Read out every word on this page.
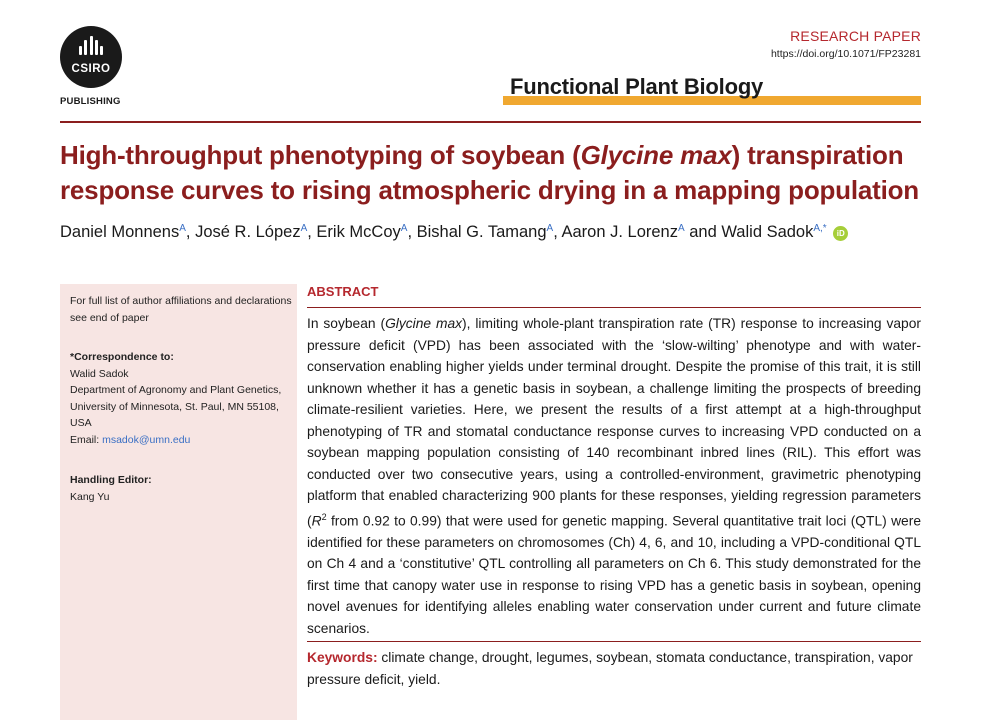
CSIRO
PUBLISHING
RESEARCH PAPER
https://doi.org/10.1071/FP23281
Functional Plant Biology
High-throughput phenotyping of soybean (Glycine max) transpiration response curves to rising atmospheric drying in a mapping population
Daniel Monnens$^A$, José R. López$^A$, Erik McCoy$^A$, Bishal G. Tamang$^A$, Aaron J. Lorenz$^A$ and Walid Sadok$^{A,*}$ iD
For full list of author affiliations and declarations see end of paper
*Correspondence to:
Walid Sadok
Department of Agronomy and Plant Genetics, University of Minnesota, St. Paul, MN 55108, USA
Email: msadok@umn.edu
Handling Editor:
Kang Yu
ABSTRACT

In soybean (Glycine max), limiting whole-plant transpiration rate (TR) response to increasing vapor pressure deficit (VPD) has been associated with the ‘slow-wilting’ phenotype and with water-conservation enabling higher yields under terminal drought. Despite the promise of this trait, it is still unknown whether it has a genetic basis in soybean, a challenge limiting the prospects of breeding climate-resilient varieties. Here, we present the results of a first attempt at a high-throughput phenotyping of TR and stomatal conductance response curves to increasing VPD conducted on a soybean mapping population consisting of 140 recombinant inbred lines (RIL). This effort was conducted over two consecutive years, using a controlled-environment, gravimetric phenotyping platform that enabled characterizing 900 plants for these responses, yielding regression parameters ($R^2$ from 0.92 to 0.99) that were used for genetic mapping. Several quantitative trait loci (QTL) were identified for these parameters on chromosomes (Ch) 4, 6, and 10, including a VPD-conditional QTL on Ch 4 and a ‘constitutive’ QTL controlling all parameters on Ch 6. This study demonstrated for the first time that canopy water use in response to rising VPD has a genetic basis in soybean, opening novel avenues for identifying alleles enabling water conservation under current and future climate scenarios.

Keywords: climate change, drought, legumes, soybean, stomata conductance, transpiration, vapor pressure deficit, yield.
